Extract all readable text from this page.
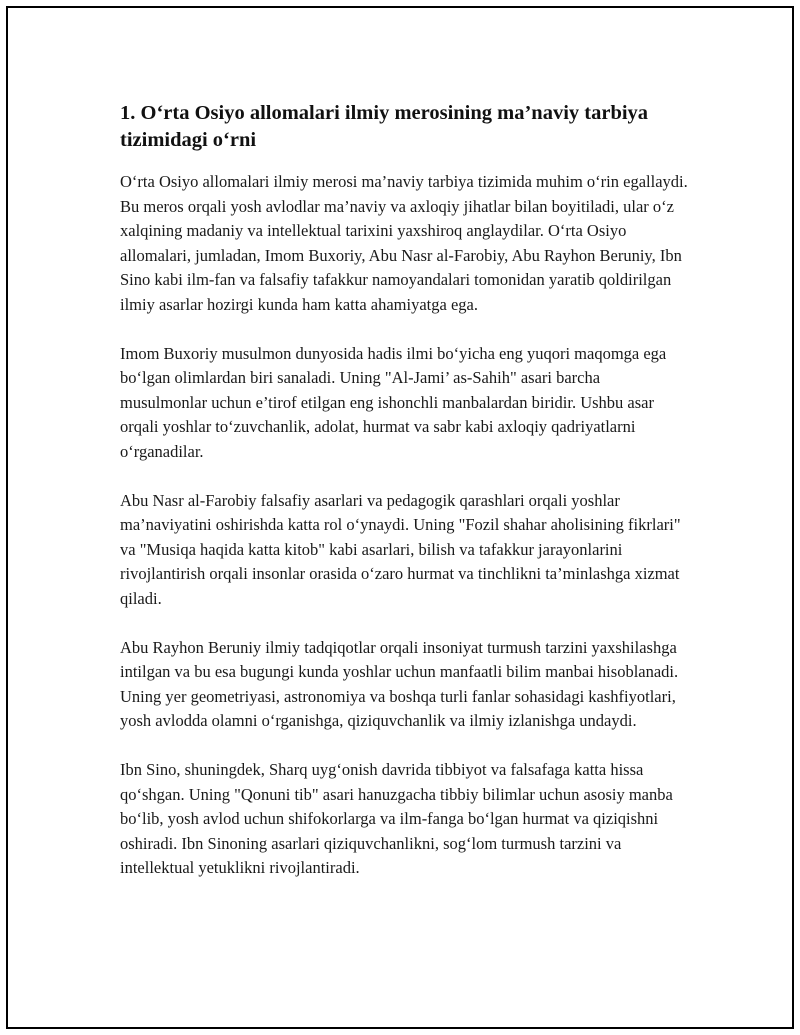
1. O‘rta Osiyo allomalari ilmiy merosining ma’naviy tarbiya tizimidagi o‘rni

O‘rta Osiyo allomalari ilmiy merosi ma’naviy tarbiya tizimida muhim o‘rin egallaydi. Bu meros orqali yosh avlodlar ma’naviy va axloqiy jihatlar bilan boyitiladi, ular o‘z xalqining madaniy va intellektual tarixini yaxshiroq anglaydilar. O‘rta Osiyo allomalari, jumladan, Imom Buxoriy, Abu Nasr al-Farobiy, Abu Rayhon Beruniy, Ibn Sino kabi ilm-fan va falsafiy tafakkur namoyandalari tomonidan yaratib qoldirilgan ilmiy asarlar hozirgi kunda ham katta ahamiyatga ega.

Imom Buxoriy musulmon dunyosida hadis ilmi bo‘yicha eng yuqori maqomga ega bo‘lgan olimlardan biri sanaladi. Uning "Al-Jami’ as-Sahih" asari barcha musulmonlar uchun e’tirof etilgan eng ishonchli manbalardan biridir. Ushbu asar orqali yoshlar to‘zuvchanlik, adolat, hurmat va sabr kabi axloqiy qadriyatlarni o‘rganadilar.

Abu Nasr al-Farobiy falsafiy asarlari va pedagogik qarashlari orqali yoshlar ma’naviyatini oshirishda katta rol o‘ynaydi. Uning "Fozil shahar aholisining fikrlari" va "Musiqa haqida katta kitob" kabi asarlari, bilish va tafakkur jarayonlarini rivojlantirish orqali insonlar orasida o‘zaro hurmat va tinchlikni ta’minlashga xizmat qiladi.

Abu Rayhon Beruniy ilmiy tadqiqotlar orqali insoniyat turmush tarzini yaxshilashga intilgan va bu esa bugungi kunda yoshlar uchun manfaatli bilim manbai hisoblanadi. Uning yer geometriyasi, astronomiya va boshqa turli fanlar sohasidagi kashfiyotlari, yosh avlodda olamni o‘rganishga, qiziquvchanlik va ilmiy izlanishga undaydi.

Ibn Sino, shuningdek, Sharq uyg‘onish davrida tibbiyot va falsafaga katta hissa qo‘shgan. Uning "Qonuni tib" asari hanuzgacha tibbiy bilimlar uchun asosiy manba bo‘lib, yosh avlod uchun shifokorlarga va ilm-fanga bo‘lgan hurmat va qiziqishni oshiradi. Ibn Sinoning asarlari qiziquvchanlikni, sog‘lom turmush tarzini va intellektual yetuklikni rivojlantiradi.
